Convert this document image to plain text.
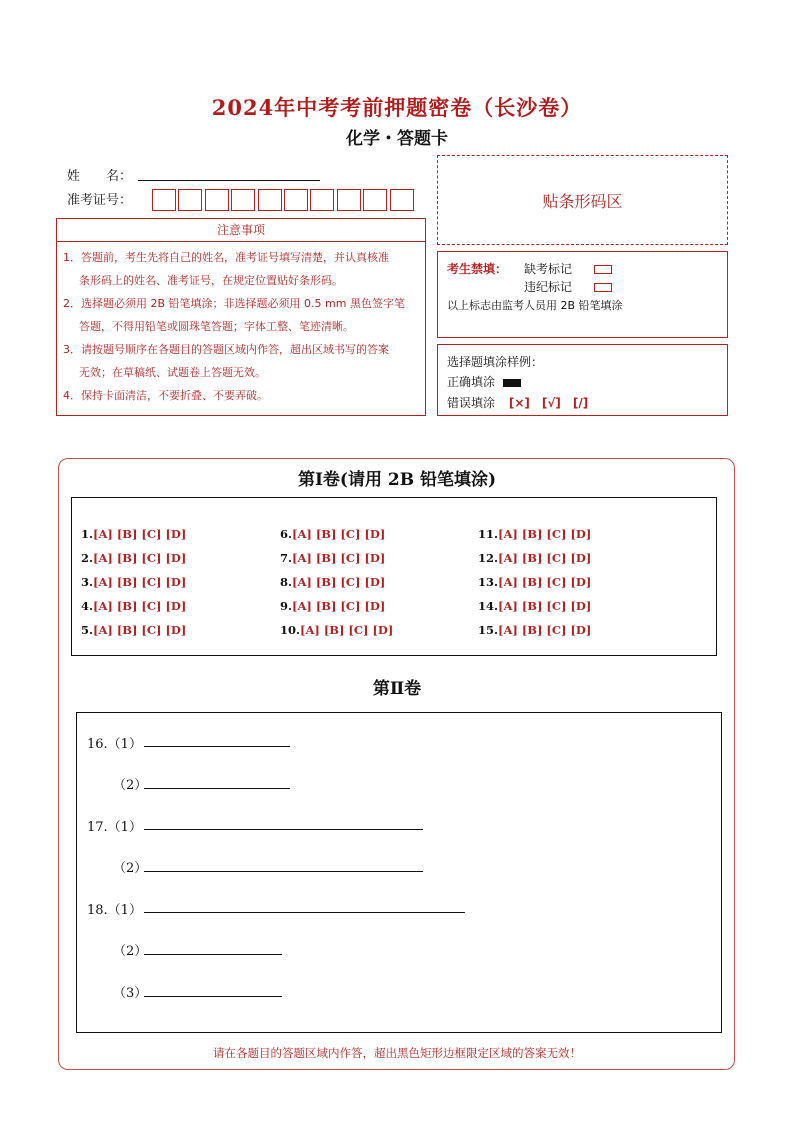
2024年中考考前押题密卷（长沙卷）
化学・答题卡
姓　　名：
准考证号：	贴条形码区
注意事项

1．答题前，考生先将自己的姓名，准考证号填写清楚，并认真核准

条形码上的姓名、准考证号，在规定位置贴好条形码。

2．选择题必须用 2B 铅笔填涂；非选择题必须用 0.5 mm 黑色签字笔

答题，不得用铅笔或圆珠笔答题；字体工整、笔迹清晰。

3．请按题号顺序在各题目的答题区域内作答，超出区域书写的答案

无效；在草稿纸、试题卷上答题无效。

4．保持卡面清洁，不要折叠、不要弄破。

考生禁填： 缺考标记
违纪标记
以上标志由监考人员用 2B 铅笔填涂
选择题填涂样例：
正确填涂
错误填涂 [×]　[√]　[/]
第Ⅰ卷(请用 2B 铅笔填涂)
1.[A] [B] [C] [D]
2.[A] [B] [C] [D]
3.[A] [B] [C] [D]
4.[A] [B] [C] [D]
5.[A] [B] [C] [D]
6.[A] [B] [C] [D]
7.[A] [B] [C] [D]
8.[A] [B] [C] [D]
9.[A] [B] [C] [D]
10.[A] [B] [C] [D]
11.[A] [B] [C] [D]
12.[A] [B] [C] [D]
13.[A] [B] [C] [D]
14.[A] [B] [C] [D]
15.[A] [B] [C] [D]
第Ⅱ卷
16.（1）
（2）
17.（1）
（2）
18.（1）
（2）
（3）
请在各题目的答题区域内作答，超出黑色矩形边框限定区域的答案无效！
